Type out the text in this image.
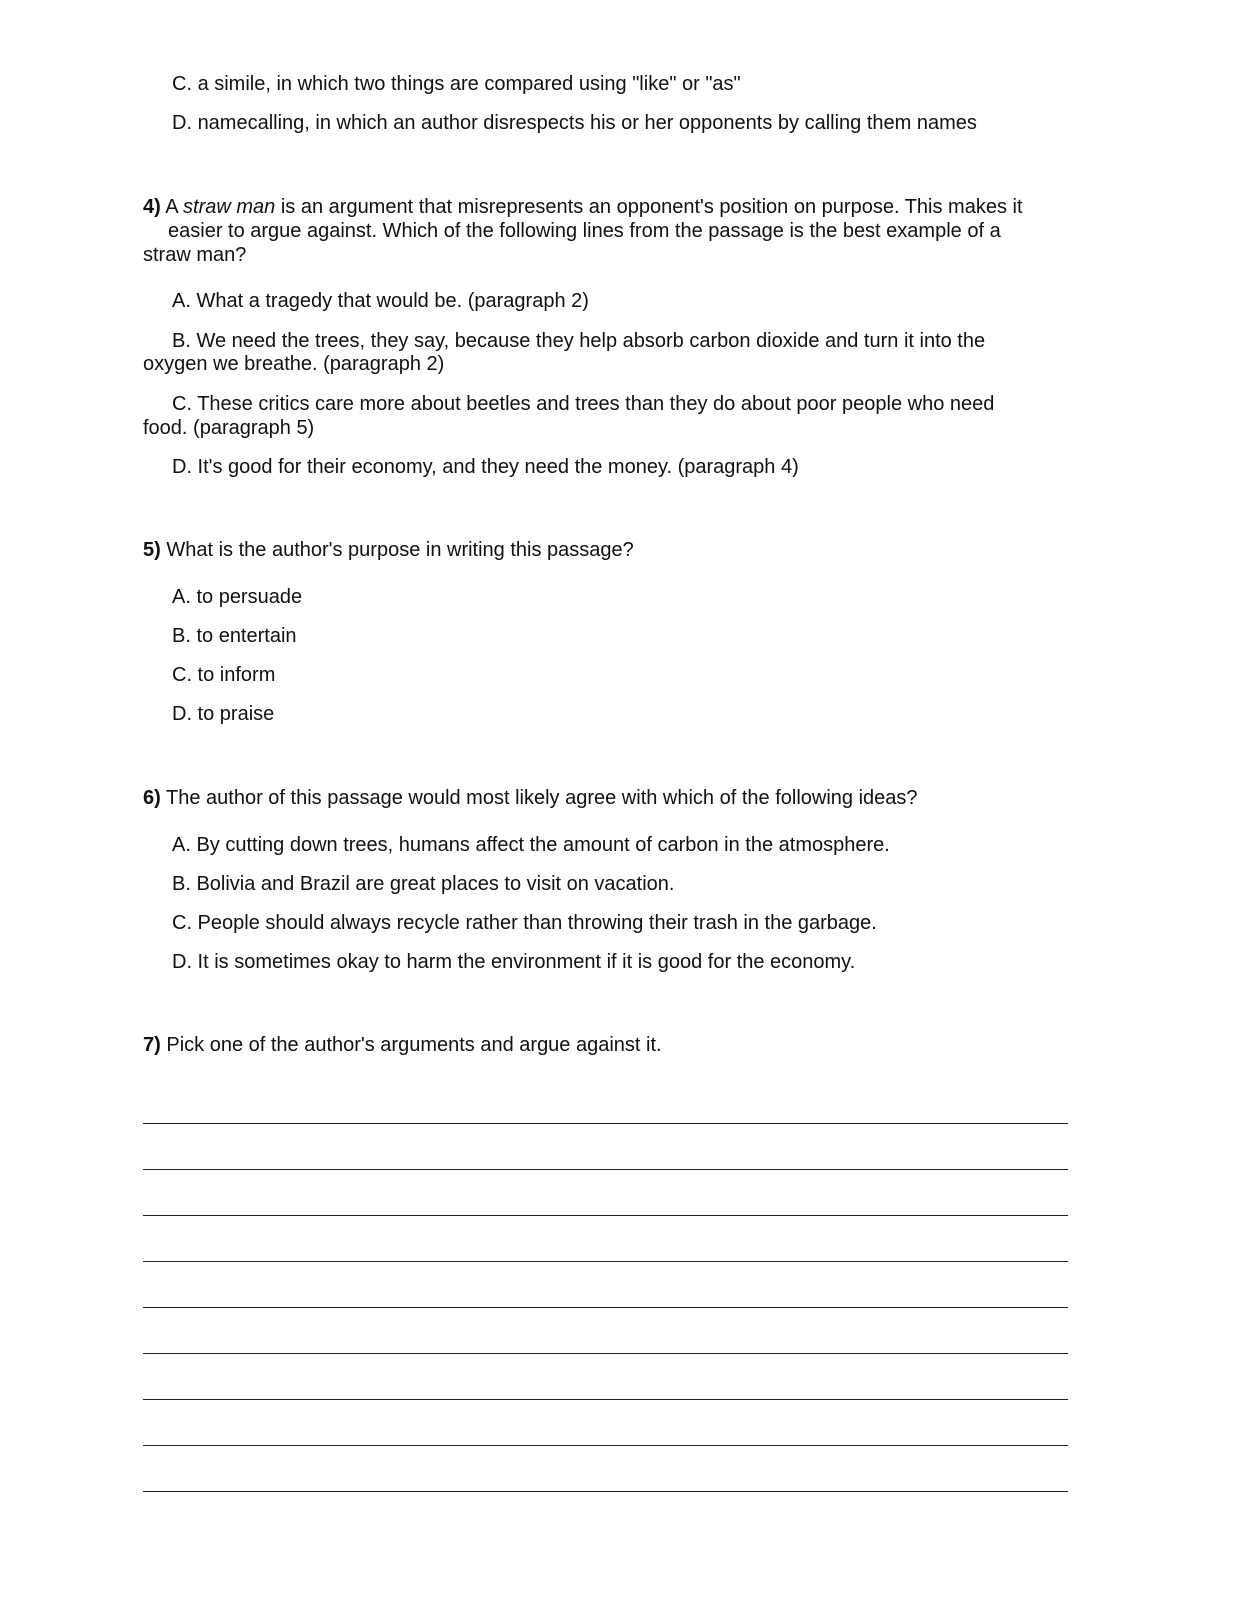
C. a simile, in which two things are compared using "like" or "as"
D. namecalling, in which an author disrespects his or her opponents by calling them names
4) A straw man is an argument that misrepresents an opponent's position on purpose. This makes it
easier to argue against. Which of the following lines from the passage is the best example of a
straw man?
A. What a tragedy that would be. (paragraph 2)
B. We need the trees, they say, because they help absorb carbon dioxide and turn it into the
oxygen we breathe. (paragraph 2)
C. These critics care more about beetles and trees than they do about poor people who need
food. (paragraph 5)
D. It's good for their economy, and they need the money. (paragraph 4)
5) What is the author's purpose in writing this passage?
A. to persuade
B. to entertain
C. to inform
D. to praise
6) The author of this passage would most likely agree with which of the following ideas?
A. By cutting down trees, humans affect the amount of carbon in the atmosphere.
B. Bolivia and Brazil are great places to visit on vacation.
C. People should always recycle rather than throwing their trash in the garbage.
D. It is sometimes okay to harm the environment if it is good for the economy.
7) Pick one of the author's arguments and argue against it.
